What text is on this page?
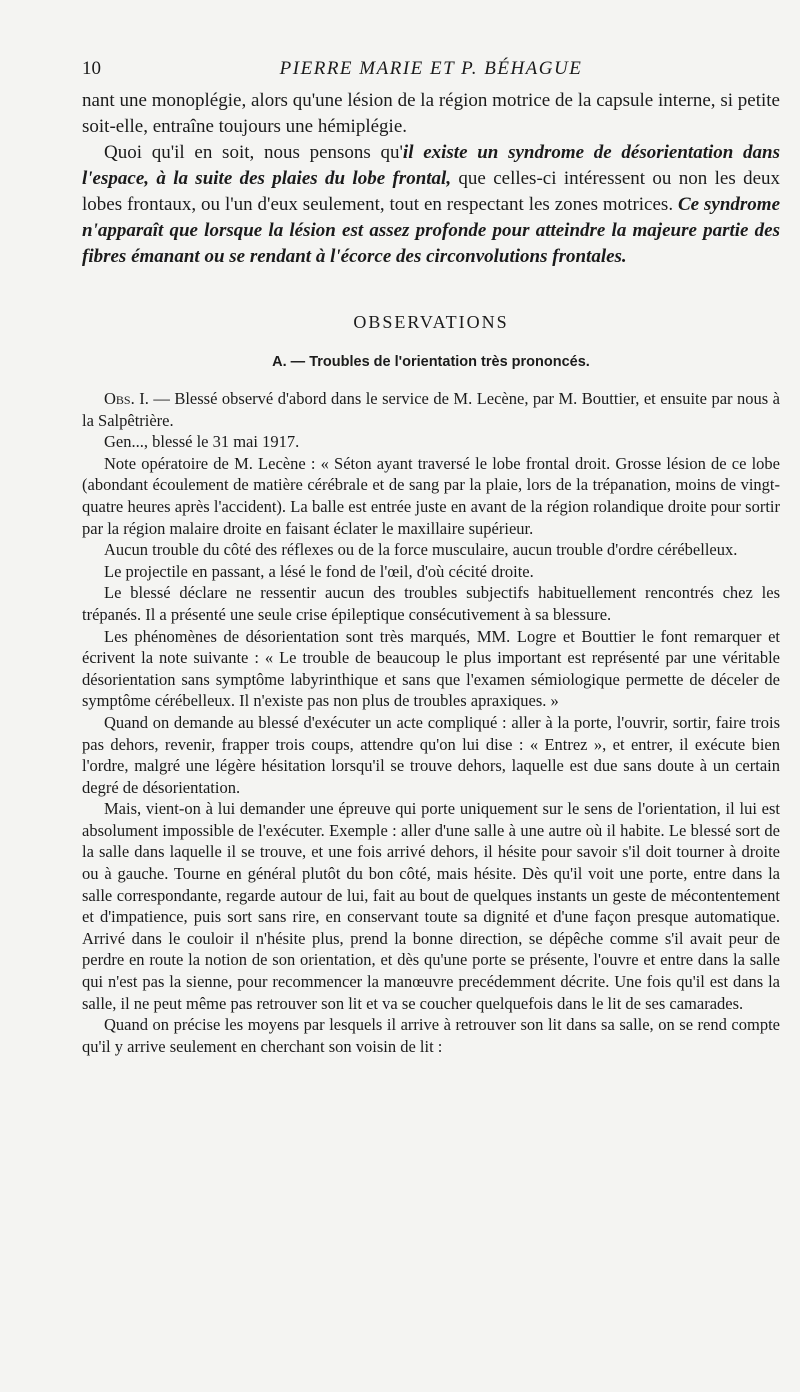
10	PIERRE MARIE ET P. BÉHAGUE

nant une monoplégie, alors qu'une lésion de la région motrice de la capsule interne, si petite soit-elle, entraîne toujours une hémiplégie.

Quoi qu'il en soit, nous pensons qu'il existe un syndrome de désorientation dans l'espace, à la suite des plaies du lobe frontal, que celles-ci intéressent ou non les deux lobes frontaux, ou l'un d'eux seulement, tout en respectant les zones motrices. Ce syndrome n'apparaît que lorsque la lésion est assez profonde pour atteindre la majeure partie des fibres émanant ou se rendant à l'écorce des circonvolutions frontales.

OBSERVATIONS
A. — Troubles de l'orientation très prononcés.

Obs. I. — Blessé observé d'abord dans le service de M. Lecène, par M. Bouttier, et ensuite par nous à la Salpêtrière.

Gen..., blessé le 31 mai 1917.

Note opératoire de M. Lecène : « Séton ayant traversé le lobe frontal droit. Grosse lésion de ce lobe (abondant écoulement de matière cérébrale et de sang par la plaie, lors de la trépanation, moins de vingt-quatre heures après l'accident). La balle est entrée juste en avant de la région rolandique droite pour sortir par la région malaire droite en faisant éclater le maxillaire supérieur.

Aucun trouble du côté des réflexes ou de la force musculaire, aucun trouble d'ordre cérébelleux.

Le projectile en passant, a lésé le fond de l'œil, d'où cécité droite.

Le blessé déclare ne ressentir aucun des troubles subjectifs habituellement rencontrés chez les trépanés. Il a présenté une seule crise épileptique consécutivement à sa blessure.

Les phénomènes de désorientation sont très marqués, MM. Logre et Bouttier le font remarquer et écrivent la note suivante : « Le trouble de beaucoup le plus important est représenté par une véritable désorientation sans symptôme labyrinthique et sans que l'examen sémiologique permette de déceler de symptôme cérébelleux. Il n'existe pas non plus de troubles apraxiques. »

Quand on demande au blessé d'exécuter un acte compliqué : aller à la porte, l'ouvrir, sortir, faire trois pas dehors, revenir, frapper trois coups, attendre qu'on lui dise : « Entrez », et entrer, il exécute bien l'ordre, malgré une légère hésitation lorsqu'il se trouve dehors, laquelle est due sans doute à un certain degré de désorientation.

Mais, vient-on à lui demander une épreuve qui porte uniquement sur le sens de l'orientation, il lui est absolument impossible de l'exécuter. Exemple : aller d'une salle à une autre où il habite. Le blessé sort de la salle dans laquelle il se trouve, et une fois arrivé dehors, il hésite pour savoir s'il doit tourner à droite ou à gauche. Tourne en général plutôt du bon côté, mais hésite. Dès qu'il voit une porte, entre dans la salle correspondante, regarde autour de lui, fait au bout de quelques instants un geste de mécontentement et d'impatience, puis sort sans rire, en conservant toute sa dignité et d'une façon presque automatique. Arrivé dans le couloir il n'hésite plus, prend la bonne direction, se dépêche comme s'il avait peur de perdre en route la notion de son orientation, et dès qu'une porte se présente, l'ouvre et entre dans la salle qui n'est pas la sienne, pour recommencer la manœuvre precédemment décrite. Une fois qu'il est dans la salle, il ne peut même pas retrouver son lit et va se coucher quelquefois dans le lit de ses camarades.

Quand on précise les moyens par lesquels il arrive à retrouver son lit dans sa salle, on se rend compte qu'il y arrive seulement en cherchant son voisin de lit :
